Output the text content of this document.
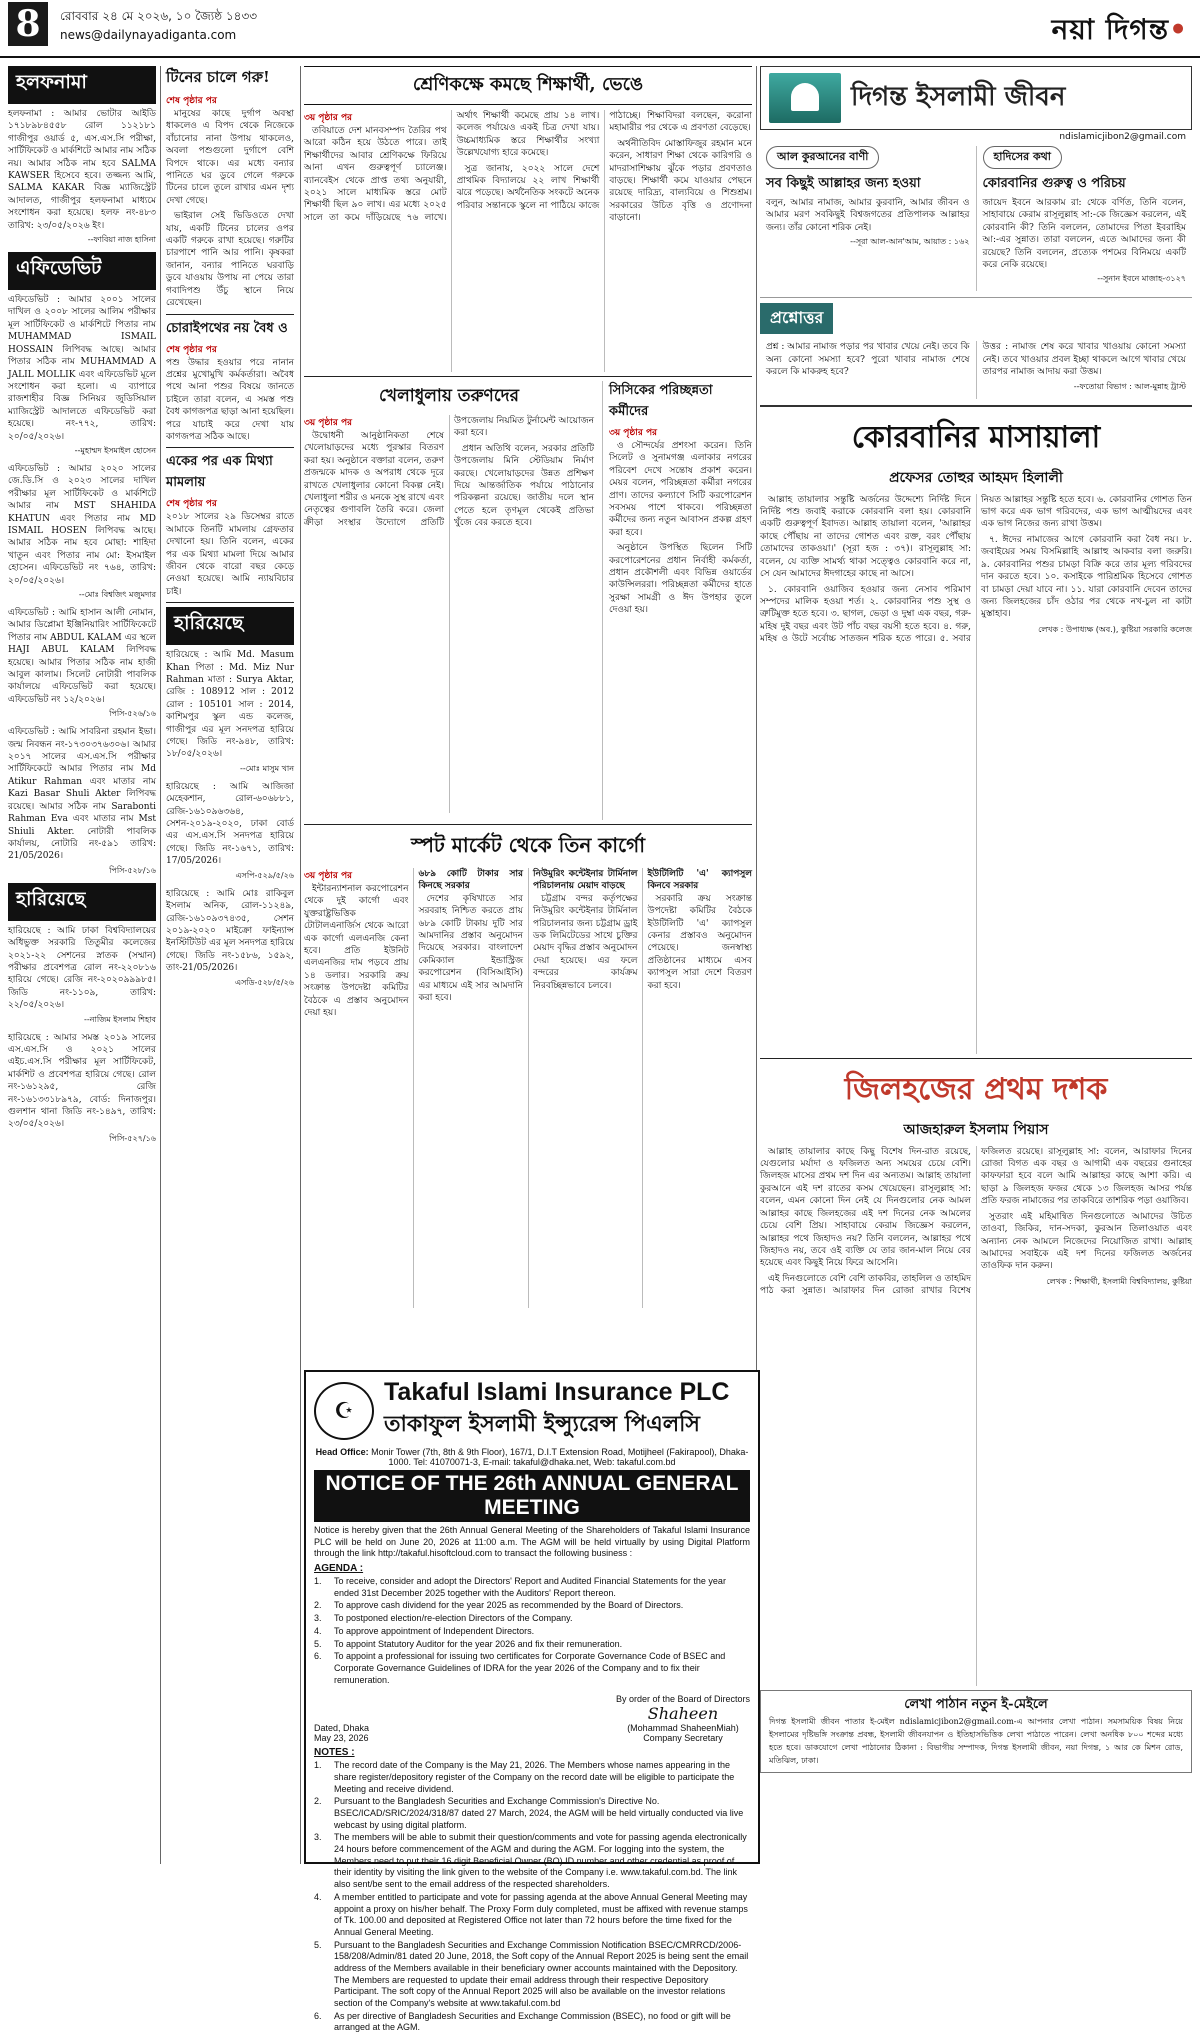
8	রোববার ২৪ মে ২০২৬, ১০ জ্যৈষ্ঠ ১৪৩৩
news@dailynayadiganta.com	নয়া দিগন্ত•
হলফনামা
হলফনামা : আমার ভোটার আইডি ১৭১৮৯৮৪৫৫৮ রোল ১১২১৮১ গাজীপুর ওয়ার্ড ৫, এস.এস.সি পরীক্ষা, সার্টিফিকেট ও মার্কশিটে আমার নাম সঠিক নয়। আমার সঠিক নাম হবে SALMA KAWSER হিসেবে হবে। তজ্জন্য আমি, SALMA KAKAR বিজ্ঞ ম্যাজিস্ট্রেট আদালত, গাজীপুর হলফনামা মাধ্যমে সংশোধন করা হয়েছে। হলফ নং-৪৮৩ তারিখ: ২৩/০৫/২০২৬ ইং।
--ফাবিয়া নাজ হাসিনা
এফিডেভিট
এফিডেভিট : আমার ২০০১ সালের দাখিল ও ২০০৮ সালের আলিম পরীক্ষার মূল সার্টিফিকেট ও মার্কশিটে পিতার নাম MUHAMMAD ISMAIL HOSSAIN লিপিবদ্ধ আছে। আমার পিতার সঠিক নাম MUHAMMAD A JALIL MOLLIK এবং এফিডেভিট মূলে সংশোধন করা হলো। এ ব্যাপারে রাজশাহীর বিজ্ঞ সিনিয়র জুডিসিয়াল ম্যাজিস্ট্রেট আদালতে এফিডেভিট করা হয়েছে। নং-৭৭২, তারিখ: ২০/০৫/২০২৬।
--মুহাম্মদ ইসমাইল হোসেন
এফিডেভিট : আমার ২০২০ সালের জে.ডি.সি ও ২০২৩ সালের দাখিল পরীক্ষার মূল সার্টিফিকেট ও মার্কশিটে আমার নাম MST SHAHIDA KHATUN এবং পিতার নাম MD ISMAIL HOSEN লিপিবদ্ধ আছে। আমার সঠিক নাম হবে মোছা: শাহিদা খাতুন এবং পিতার নাম মো: ইসমাইল হোসেন। এফিডেভিট নং ৭৬৪, তারিখ: ২০/০৫/২০২৬।
--মোঃ বিশ্বজিৎ মজুমদার
এফিডেভিট : আমি হাসান আলী নোমান, আমার ডিপ্লোমা ইঞ্জিনিয়ারিং সার্টিফিকেটে পিতার নাম ABDUL KALAM এর স্থলে HAJI ABUL KALAM লিপিবদ্ধ হয়েছে। আমার পিতার সঠিক নাম হাজী আবুল কালাম। সিলেট নোটারী পাবলিক কার্যালয়ে এফিডেভিট করা হয়েছে। এফিডেভিট নং ১২/২০২৬।
পিসি-৫২৬/১৬
এফিডেভিট : আমি সাবরিনা রহমান ইভা। জন্ম নিবন্ধন নং-১৭৩০৩৭৬৩০৬। আমার ২০১৭ সালের এস.এস.সি পরীক্ষার সার্টিফিকেটে আমার পিতার নাম Md Atikur Rahman এবং মাতার নাম Kazi Basar Shuli Akter লিপিবদ্ধ রয়েছে। আমার সঠিক নাম Sarabonti Rahman Eva এবং মাতার নাম Mst Shiuli Akter. নোটারী পাবলিক কার্যালয়, নোটারি নং-৫৯১ তারিখ: 21/05/2026।
পিসি-৫২৮/১৬
হারিয়েছে
হারিয়েছে : আমি ঢাকা বিশ্ববিদ্যালয়ের অধিভুক্ত সরকারি তিতুমীর কলেজের ২০২১-২২ সেশনের স্নাতক (সম্মান) পরীক্ষার প্রবেশপত্র রোল নং-২২০৮১৬ হারিয়ে গেছে। রেজি নং-২০২০৯৯৯৮৫। জিডি নং-১১০৯, তারিখ: ২২/০৫/২০২৬।
--নাজিম ইসলাম শিহাব
হারিয়েছে : আমার সমস্ত ২০১৯ সালের এস.এস.সি ও ২০২১ সালের এইচ.এস.সি পরীক্ষার মূল সার্টিফিকেট, মার্কশিট ও প্রবেশপত্র হারিয়ে গেছে। রোল নং-১৬১২৯৫, রেজি নং-১৬১৩৩১৮৯৭৯, বোর্ড: দিনাজপুর। গুলশান থানা জিডি নং-১৪৯৭, তারিখ: ২৩/০৫/২০২৬।
পিসি-৫২৭/১৬
টিনের চালে গরু!
শেষ পৃষ্ঠার পর

মানুষের কাছে দুর্গাপ অবস্থা ধাকলেও এ বিপদ থেকে নিজেকে বাঁচানোর নানা উপায় থাকলেও, অবলা পশুগুলো দুর্গাপে বেশি বিপদে থাকে। এর মধ্যে বন্যার পানিতে ঘর ডুবে গেলে গরুকে টিনের চালে তুলে রাখার এমন দৃশ্য দেখা গেছে।

ভাইরাল সেই ভিডিওতে দেখা যায়, একটি টিনের চালের ওপর একটি গরুকে রাখা হয়েছে। গরুটির চারপাশে পানি আর পানি। কৃষকরা জানান, বন্যার পানিতে ঘরবাড়ি ডুবে যাওয়ায় উপায় না পেয়ে তারা গবাদিপশু উঁচু স্থানে নিয়ে রেখেছেন।

চোরাইপথের নয় বৈধ ও
শেষ পৃষ্ঠার পর
পশু উদ্ধার হওয়ার পরে নানান প্রশ্নের মুখোমুখি কর্মকর্তারা। অবৈধ পথে আনা পশুর বিষয়ে জানতে চাইলে তারা বলেন, এ সমস্ত পশু বৈধ কাগজপত্র ছাড়া আনা হয়েছিল। পরে যাচাই করে দেখা যায় কাগজপত্র সঠিক আছে।
একের পর এক মিথ্যা মামলায়
শেষ পৃষ্ঠার পর
২০১৮ সালের ২৯ ডিসেম্বর রাতে আমাকে তিনটি মামলায় গ্রেফতার দেখানো হয়। তিনি বলেন, একের পর এক মিথ্যা মামলা দিয়ে আমার জীবন থেকে বারো বছর কেড়ে নেওয়া হয়েছে। আমি ন্যায়বিচার চাই।
হারিয়েছে
হারিয়েছে : আমি Md. Masum Khan পিতা : Md. Miz Nur Rahman মাতা : Surya Aktar, রেজি : 108912 সাল : 2012 রোল : 105101 সাল : 2014, কাশিমপুর স্কুল এন্ড কলেজ, গাজীপুর এর মূল সনদপত্র হারিয়ে গেছে। জিডি নং-৯৪৮, তারিখ: ১৮/০৫/২০২৬।
--মোঃ মাসুম খান
হারিয়েছে : আমি আজিজা মেহেকশান, রোল-৬০৬৮৮১, রেজি-১৬১০৯৬৩৬৪, সেশন-২০১৯-২০২০, ঢাকা বোর্ড এর এস.এস.সি সনদপত্র হারিয়ে গেছে। জিডি নং-১৬৭১, তারিখ: 17/05/2026।
এসপি-৫২৯/৫/২৬
হারিয়েছে : আমি মোঃ রাকিবুল ইসলাম অনিক, রোল-১১২৪৯, রেজি-১৬১০৯৩৭৪৩৫, সেশন ২০১৯-২০২০ মাইক্রো ফাইন্যান্স ইনস্টিটিউট এর মূল সনদপত্র হারিয়ে গেছে। জিডি নং-১৫৮৬, ১৫৯২, তাং-21/05/2026।
এসডি-৫২৮/৫/২৬
শ্রেণিকক্ষে কমছে শিক্ষার্থী, ভেঙে
৩য় পৃষ্ঠার পর

তবিয়াতে দেশ মানবসম্পদ তৈরির পথ আরো কঠিন হয়ে উঠতে পারে। তাই শিক্ষার্থীদের আবার শ্রেণিকক্ষে ফিরিয়ে আনা এখন গুরুত্বপূর্ণ চ্যালেঞ্জ। ব্যানবেইস থেকে প্রাপ্ত তথ্য অনুযায়ী, ২০২১ সালে মাধ্যমিক স্তরে মোট শিক্ষার্থী ছিল ৯০ লাখ। এর মধ্যে ২০২৫ সালে তা কমে দাঁড়িয়েছে ৭৬ লাখে। অর্থাৎ শিক্ষার্থী কমেছে প্রায় ১৪ লাখ। কলেজ পর্যায়েও একই চিত্র দেখা যায়। উচ্চমাধ্যমিক স্তরে শিক্ষার্থীর সংখ্যা উল্লেখযোগ্য হারে কমেছে।

সুত্র জানায়, ২০২২ সালে দেশে প্রাথমিক বিদ্যালয়ে ২২ লাখ শিক্ষার্থী ঝরে পড়েছে। অর্থনৈতিক সংকটে অনেক পরিবার সন্তানকে স্কুলে না পাঠিয়ে কাজে পাঠাচ্ছে। শিক্ষাবিদরা বলছেন, করোনা মহামারীর পর থেকে এ প্রবণতা বেড়েছে।

অর্থনীতিবিদ মোস্তাফিজুর রহমান মনে করেন, সাধারণ শিক্ষা থেকে কারিগরি ও মাদরাসাশিক্ষায় ঝুঁকে পড়ার প্রবণতাও বাড়ছে। শিক্ষার্থী কমে যাওয়ার পেছনে রয়েছে দারিদ্র্য, বাল্যবিয়ে ও শিশুশ্রম। সরকারের উচিত বৃত্তি ও প্রণোদনা বাড়ানো।

খেলাধুলায় তরুণদের
৩য় পৃষ্ঠার পর

উদ্বোধনী আনুষ্ঠানিকতা শেষে খেলোয়াড়দের মধ্যে পুরস্কার বিতরণ করা হয়। অনুষ্ঠানে বক্তারা বলেন, তরুণ প্রজন্মকে মাদক ও অপরাধ থেকে দূরে রাখতে খেলাধুলার কোনো বিকল্প নেই। খেলাধুলা শরীর ও মনকে সুস্থ রাখে এবং নেতৃত্বের গুণাবলি তৈরি করে। জেলা ক্রীড়া সংস্থার উদ্যোগে প্রতিটি উপজেলায় নিয়মিত টুর্নামেন্ট আয়োজন করা হবে।

প্রধান অতিথি বলেন, সরকার প্রতিটি উপজেলায় মিনি স্টেডিয়াম নির্মাণ করছে। খেলোয়াড়দের উন্নত প্রশিক্ষণ দিয়ে আন্তর্জাতিক পর্যায়ে পাঠানোর পরিকল্পনা রয়েছে। জাতীয় দলে স্থান পেতে হলে তৃণমূল থেকেই প্রতিভা খুঁজে বের করতে হবে।

সিসিকের পরিচ্ছন্নতা কর্মীদের
৩য় পৃষ্ঠার পর

ও সৌন্দর্যের প্রশংসা করেন। তিনি সিলেট ও সুনামগঞ্জ এলাকার নগরের পরিবেশ দেখে সন্তোষ প্রকাশ করেন। মেয়র বলেন, পরিচ্ছন্নতা কর্মীরা নগরের প্রাণ। তাদের কল্যাণে সিটি করপোরেশন সবসময় পাশে থাকবে। পরিচ্ছন্নতা কর্মীদের জন্য নতুন আবাসন প্রকল্প গ্রহণ করা হবে।

অনুষ্ঠানে উপস্থিত ছিলেন সিটি করপোরেশনের প্রধান নির্বাহী কর্মকর্তা, প্রধান প্রকৌশলী এবং বিভিন্ন ওয়ার্ডের কাউন্সিলররা। পরিচ্ছন্নতা কর্মীদের হাতে সুরক্ষা সামগ্রী ও ঈদ উপহার তুলে দেওয়া হয়।

স্পট মার্কেট থেকে তিন কার্গো
৩য় পৃষ্ঠার পর

ইন্টারন্যাশনাল করপোরেশন থেকে দুই কার্গো এবং যুক্তরাষ্ট্রভিত্তিক টোটালএনার্জিস থেকে আরো এক কার্গো এলএনজি কেনা হবে। প্রতি ইউনিট এলএনজির দাম পড়বে প্রায় ১৪ ডলার। সরকারি ক্রয় সংক্রান্ত উপদেষ্টা কমিটির বৈঠকে এ প্রস্তাব অনুমোদন দেয়া হয়।

৬৮৯ কোটি টাকার সার কিনছে সরকার

দেশের কৃষিখাতে সার সরবরাহ নিশ্চিত করতে প্রায় ৬৮৯ কোটি টাকায় দুটি সার আমদানির প্রস্তাব অনুমোদন দিয়েছে সরকার। বাংলাদেশ কেমিক্যাল ইন্ডাস্ট্রিজ করপোরেশন (বিসিআইসি) এর মাধ্যমে এই সার আমদানি করা হবে।

নিউমুরিং কন্টেইনার টার্মিনাল পরিচালনায় মেয়াদ বাড়ছে

চট্টগ্রাম বন্দর কর্তৃপক্ষের নিউমুরিং কন্টেইনার টার্মিনাল পরিচালনার জন্য চট্টগ্রাম ড্রাই ডক লিমিটেডের সাথে চুক্তির মেয়াদ বৃদ্ধির প্রস্তাব অনুমোদন দেয়া হয়েছে। এর ফলে বন্দরের কার্যক্রম নিরবচ্ছিন্নভাবে চলবে।

ইউটিলিটি 'এ' ক্যাপসুল কিনবে সরকার

সরকারি ক্রয় সংক্রান্ত উপদেষ্টা কমিটির বৈঠকে ইউটিলিটি 'এ' ক্যাপসুল কেনার প্রস্তাবও অনুমোদন পেয়েছে। জনস্বাস্থ্য প্রতিষ্ঠানের মাধ্যমে এসব ক্যাপসুল সারা দেশে বিতরণ করা হবে।

☪
Takaful Islami Insurance PLC
তাকাফুল ইসলামী ইন্স্যুরেন্স পিএলসি
Head Office: Monir Tower (7th, 8th & 9th Floor), 167/1, D.I.T Extension Road, Motijheel (Fakirapool), Dhaka-1000. Tel: 41070071-3, E-mail: takaful@dhaka.net, Web: takaful.com.bd
NOTICE OF THE 26th ANNUAL GENERAL MEETING
Notice is hereby given that the 26th Annual General Meeting of the Shareholders of Takaful Islami Insurance PLC will be held on June 20, 2026 at 11:00 a.m. The AGM will be held virtually by using Digital Platform through the link http://takaful.hisoftcloud.com to transact the following business :
AGENDA :
1.	To receive, consider and adopt the Directors' Report and Audited Financial Statements for the year ended 31st December 2025 together with the Auditors' Report thereon.
2.	To approve cash dividend for the year 2025 as recommended by the Board of Directors.
3.	To postponed election/re-election Directors of the Company.
4.	To approve appointment of Independent Directors.
5.	To appoint Statutory Auditor for the year 2026 and fix their remuneration.
6.	To appoint a professional for issuing two certificates for Corporate Governance Code of BSEC and Corporate Governance Guidelines of IDRA for the year 2026 of the Company and to fix their remuneration.
Dated, Dhaka
May 23, 2026
By order of the Board of Directors
Shaheen
(Mohammad ShaheenMiah)
Company Secretary
NOTES :
1.	The record date of the Company is the May 21, 2026. The Members whose names appearing in the share register/depository register of the Company on the record date will be eligible to participate the Meeting and receive dividend.
2.	Pursuant to the Bangladesh Securities and Exchange Commission's Directive No. BSEC/ICAD/SRIC/2024/318/87 dated 27 March, 2024, the AGM will be held virtually conducted via live webcast by using digital platform.
3.	The members will be able to submit their question/comments and vote for passing agenda electronically 24 hours before commencement of the AGM and during the AGM. For logging into the system, the Members need to put their 16 digit Beneficial Owner (BO) ID number and other credential as proof of their identity by visiting the link given to the website of the Company i.e. www.takaful.com.bd. The link also sent/be sent to the email address of the respected shareholders.
4.	A member entitled to participate and vote for passing agenda at the above Annual General Meeting may appoint a proxy on his/her behalf. The Proxy Form duly completed, must be affixed with revenue stamps of Tk. 100.00 and deposited at Registered Office not later than 72 hours before the time fixed for the Annual General Meeting.
5.	Pursuant to the Bangladesh Securities and Exchange Commission Notification BSEC/CMRRCD/2006-158/208/Admin/81 dated 20 June, 2018, the Soft copy of the Annual Report 2025 is being sent the email address of the Members available in their beneficiary owner accounts maintained with the Depository. The Members are requested to update their email address through their respective Depository Participant. The soft copy of the Annual Report 2025 will also be available on the investor relations section of the Company's website at www.takaful.com.bd
6.	As per directive of Bangladesh Securities and Exchange Commission (BSEC), no food or gift will be arranged at the AGM.
দিগন্ত ইসলামী জীবন
ndislamicjibon2@gmail.com
আল কুরআনের বাণী
সব কিছুই আল্লাহর জন্য হওয়া
বলুন, আমার নামাজ, আমার কুরবানি, আমার জীবন ও আমার মরণ সবকিছুই বিশ্বজগতের প্রতিপালক আল্লাহর জন্য। তাঁর কোনো শরিক নেই।
--সূরা আল-আন'আম, আয়াত : ১৬২
হাদিসের কথা
কোরবানির গুরুত্ব ও পরিচয়
জায়েদ ইবনে আরকাম রা: থেকে বর্ণিত, তিনি বলেন, সাহাবায়ে কেরাম রাসূলুল্লাহ সা:-কে জিজ্ঞেস করলেন, এই কোরবানি কী? তিনি বললেন, তোমাদের পিতা ইবরাহিম আ:-এর সুন্নাত। তারা বললেন, এতে আমাদের জন্য কী রয়েছে? তিনি বললেন, প্রত্যেক পশমের বিনিময়ে একটি করে নেকি রয়েছে।
--সুনান ইবনে মাজাহ-৩১২৭
প্রশ্নোত্তর
প্রশ্ন : আমার নামাজ পড়ার পর খাবার খেয়ে নেই। তবে কি অন্য কোনো সমস্যা হবে? পুরো খাবার নামাজ শেষে করলে কি মাকরুহ হবে?
উত্তর : নামাজ শেষ করে খাবার খাওয়ায় কোনো সমস্যা নেই। তবে খাওয়ার প্রবল ইচ্ছা থাকলে আগে খাবার খেয়ে তারপর নামাজ আদায় করা উত্তম।
--ফতোয়া বিভাগ : আল-মুন্নাহ ট্রাস্ট
কোরবানির মাসায়ালা
প্রফেসর তোহুর আহমদ হিলালী

আল্লাহ তায়ালার সন্তুষ্টি অর্জনের উদ্দেশ্যে নির্দিষ্ট দিনে নির্দিষ্ট পশু জবাই করাকে কোরবানি বলা হয়। কোরবানি একটি গুরুত্বপূর্ণ ইবাদত। আল্লাহ তায়ালা বলেন, 'আল্লাহর কাছে পৌঁছায় না তাদের গোশত এবং রক্ত, বরং পৌঁছায় তোমাদের তাকওয়া।' (সূরা হজ : ৩৭)। রাসূলুল্লাহ সা: বলেন, যে ব্যক্তি সামর্থ্য থাকা সত্ত্বেও কোরবানি করে না, সে যেন আমাদের ঈদগাহের কাছে না আসে।

১. কোরবানি ওয়াজিব হওয়ার জন্য নেসাব পরিমাণ সম্পদের মালিক হওয়া শর্ত। ২. কোরবানির পশু সুস্থ ও ত্রুটিমুক্ত হতে হবে। ৩. ছাগল, ভেড়া ও দুম্বা এক বছর, গরু-মহিষ দুই বছর এবং উট পাঁচ বছর বয়সী হতে হবে। ৪. গরু, মহিষ ও উটে সর্বোচ্চ সাতজন শরিক হতে পারে। ৫. সবার নিয়ত আল্লাহর সন্তুষ্টি হতে হবে। ৬. কোরবানির গোশত তিন ভাগ করে এক ভাগ গরিবদের, এক ভাগ আত্মীয়দের এবং এক ভাগ নিজের জন্য রাখা উত্তম।

৭. ঈদের নামাজের আগে কোরবানি করা বৈধ নয়। ৮. জবাইয়ের সময় বিসমিল্লাহি আল্লাহু আকবার বলা জরুরি। ৯. কোরবানির পশুর চামড়া বিক্রি করে তার মূল্য গরিবদের দান করতে হবে। ১০. কসাইকে পারিশ্রমিক হিসেবে গোশত বা চামড়া দেয়া যাবে না। ১১. যারা কোরবানি দেবেন তাদের জন্য জিলহজের চাঁদ ওঠার পর থেকে নখ-চুল না কাটা মুস্তাহাব।

লেখক : উপাধ্যক্ষ (অব.), কুষ্টিয়া সরকারি কলেজ
জিলহজের প্রথম দশক
আজহারুল ইসলাম পিয়াস

আল্লাহ তায়ালার কাছে কিছু বিশেষ দিন-রাত রয়েছে, যেগুলোর মর্যাদা ও ফজিলত অন্য সময়ের চেয়ে বেশি। জিলহজ মাসের প্রথম দশ দিন এর অন্যতম। আল্লাহ তায়ালা কুরআনে এই দশ রাতের কসম খেয়েছেন। রাসূলুল্লাহ সা: বলেন, এমন কোনো দিন নেই যে দিনগুলোর নেক আমল আল্লাহর কাছে জিলহজের এই দশ দিনের নেক আমলের চেয়ে বেশি প্রিয়। সাহাবায়ে কেরাম জিজ্ঞেস করলেন, আল্লাহর পথে জিহাদও নয়? তিনি বললেন, আল্লাহর পথে জিহাদও নয়, তবে ওই ব্যক্তি যে তার জান-মাল নিয়ে বের হয়েছে এবং কিছুই নিয়ে ফিরে আসেনি।

এই দিনগুলোতে বেশি বেশি তাকবির, তাহলিল ও তাহমিদ পাঠ করা সুন্নাত। আরাফার দিন রোজা রাখার বিশেষ ফজিলত রয়েছে। রাসূলুল্লাহ সা: বলেন, আরাফার দিনের রোজা বিগত এক বছর ও আগামী এক বছরের গুনাহের কাফফারা হবে বলে আমি আল্লাহর কাছে আশা করি। এ ছাড়া ৯ জিলহজ ফজর থেকে ১৩ জিলহজ আসর পর্যন্ত প্রতি ফরজ নামাজের পর তাকবিরে তাশরিক পড়া ওয়াজিব।

সুতরাং এই মহিমান্বিত দিনগুলোতে আমাদের উচিত তাওবা, জিকির, দান-সদকা, কুরআন তিলাওয়াত এবং অন্যান্য নেক আমলে নিজেদের নিয়োজিত রাখা। আল্লাহ আমাদের সবাইকে এই দশ দিনের ফজিলত অর্জনের তাওফিক দান করুন।

লেখক : শিক্ষার্থী, ইসলামী বিশ্ববিদ্যালয়, কুষ্টিয়া
লেখা পাঠান নতুন ই-মেইলে
দিগন্ত ইসলামী জীবন পাতার ই-মেইল ndislamicjibon2@gmail.com-এ আপনার লেখা পাঠান। সমসাময়িক বিষয় নিয়ে ইসলামের দৃষ্টিভঙ্গি সংক্রান্ত প্রবন্ধ, ইসলামী জীবনযাপন ও ইতিহাসভিত্তিক লেখা পাঠাতে পারেন। লেখা অনধিক ৮০০ শব্দের মধ্যে হতে হবে। ডাকযোগে লেখা পাঠানোর ঠিকানা : বিভাগীয় সম্পাদক, দিগন্ত ইসলামী জীবন, নয়া দিগন্ত, ১ আর কে মিশন রোড, মতিঝিল, ঢাকা।
